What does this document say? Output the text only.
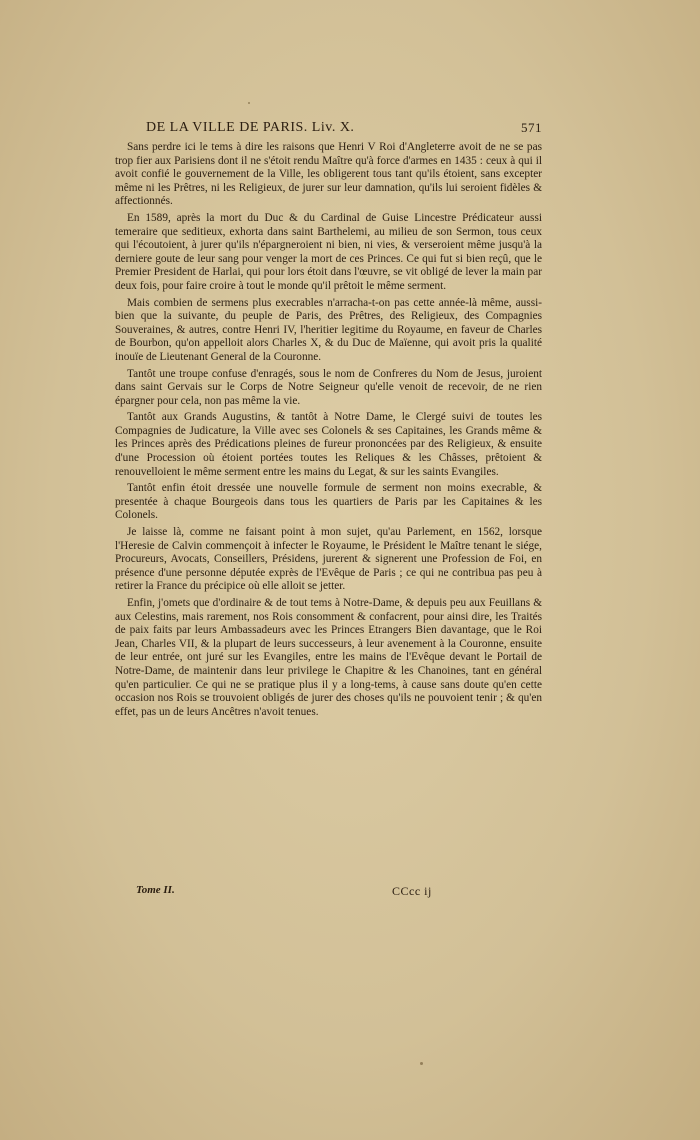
DE LA VILLE DE PARIS. Liv. X.	571

Sans perdre ici le tems à dire les raisons que Henri V Roi d'Angleterre avoit de ne se pas trop fier aux Parisiens dont il ne s'étoit rendu Maître qu'à force d'armes en 1435 : ceux à qui il avoit confié le gouvernement de la Ville, les obligerent tous tant qu'ils étoient, sans excepter même ni les Prêtres, ni les Religieux, de jurer sur leur damnation, qu'ils lui seroient fidèles & affectionnés.

En 1589, après la mort du Duc & du Cardinal de Guise Lincestre Prédicateur aussi temeraire que seditieux, exhorta dans saint Barthelemi, au milieu de son Sermon, tous ceux qui l'écoutoient, à jurer qu'ils n'épargneroient ni bien, ni vies, & verseroient même jusqu'à la derniere goute de leur sang pour venger la mort de ces Princes. Ce qui fut si bien reçû, que le Premier President de Harlai, qui pour lors étoit dans l'œuvre, se vit obligé de lever la main par deux fois, pour faire croire à tout le monde qu'il prêtoit le même serment.

Mais combien de sermens plus execrables n'arracha-t-on pas cette année-là même, aussi-bien que la suivante, du peuple de Paris, des Prêtres, des Religieux, des Compagnies Souveraines, & autres, contre Henri IV, l'heritier legitime du Royaume, en faveur de Charles de Bourbon, qu'on appelloit alors Charles X, & du Duc de Maïenne, qui avoit pris la qualité inouïe de Lieutenant General de la Couronne.

Tantôt une troupe confuse d'enragés, sous le nom de Confreres du Nom de Jesus, juroient dans saint Gervais sur le Corps de Notre Seigneur qu'elle venoit de recevoir, de ne rien épargner pour cela, non pas même la vie.

Tantôt aux Grands Augustins, & tantôt à Notre Dame, le Clergé suivi de toutes les Compagnies de Judicature, la Ville avec ses Colonels & ses Capitaines, les Grands même & les Princes après des Prédications pleines de fureur prononcées par des Religieux, & ensuite d'une Procession où étoient portées toutes les Reliques & les Châsses, prêtoient & renouvelloient le même serment entre les mains du Legat, & sur les saints Evangiles.

Tantôt enfin étoit dressée une nouvelle formule de serment non moins execrable, & presentée à chaque Bourgeois dans tous les quartiers de Paris par les Capitaines & les Colonels.

Je laisse là, comme ne faisant point à mon sujet, qu'au Parlement, en 1562, lorsque l'Heresie de Calvin commençoit à infecter le Royaume, le Président le Maître tenant le siége, Procureurs, Avocats, Conseillers, Présidens, jurerent & signerent une Profession de Foi, en présence d'une personne députée exprès de l'Evêque de Paris ; ce qui ne contribua pas peu à retirer la France du précipice où elle alloit se jetter.

Enfin, j'omets que d'ordinaire & de tout tems à Notre-Dame, & depuis peu aux Feuillans & aux Celestins, mais rarement, nos Rois consomment & confacrent, pour ainsi dire, les Traités de paix faits par leurs Ambassadeurs avec les Princes Etrangers Bien davantage, que le Roi Jean, Charles VII, & la plupart de leurs successeurs, à leur avenement à la Couronne, ensuite de leur entrée, ont juré sur les Evangiles, entre les mains de l'Evêque devant le Portail de Notre-Dame, de maintenir dans leur privilege le Chapitre & les Chanoines, tant en général qu'en particulier. Ce qui ne se pratique plus il y a long-tems, à cause sans doute qu'en cette occasion nos Rois se trouvoient obligés de jurer des choses qu'ils ne pouvoient tenir ; & qu'en effet, pas un de leurs Ancêtres n'avoit tenues.

Tome II.	CCcc ij
